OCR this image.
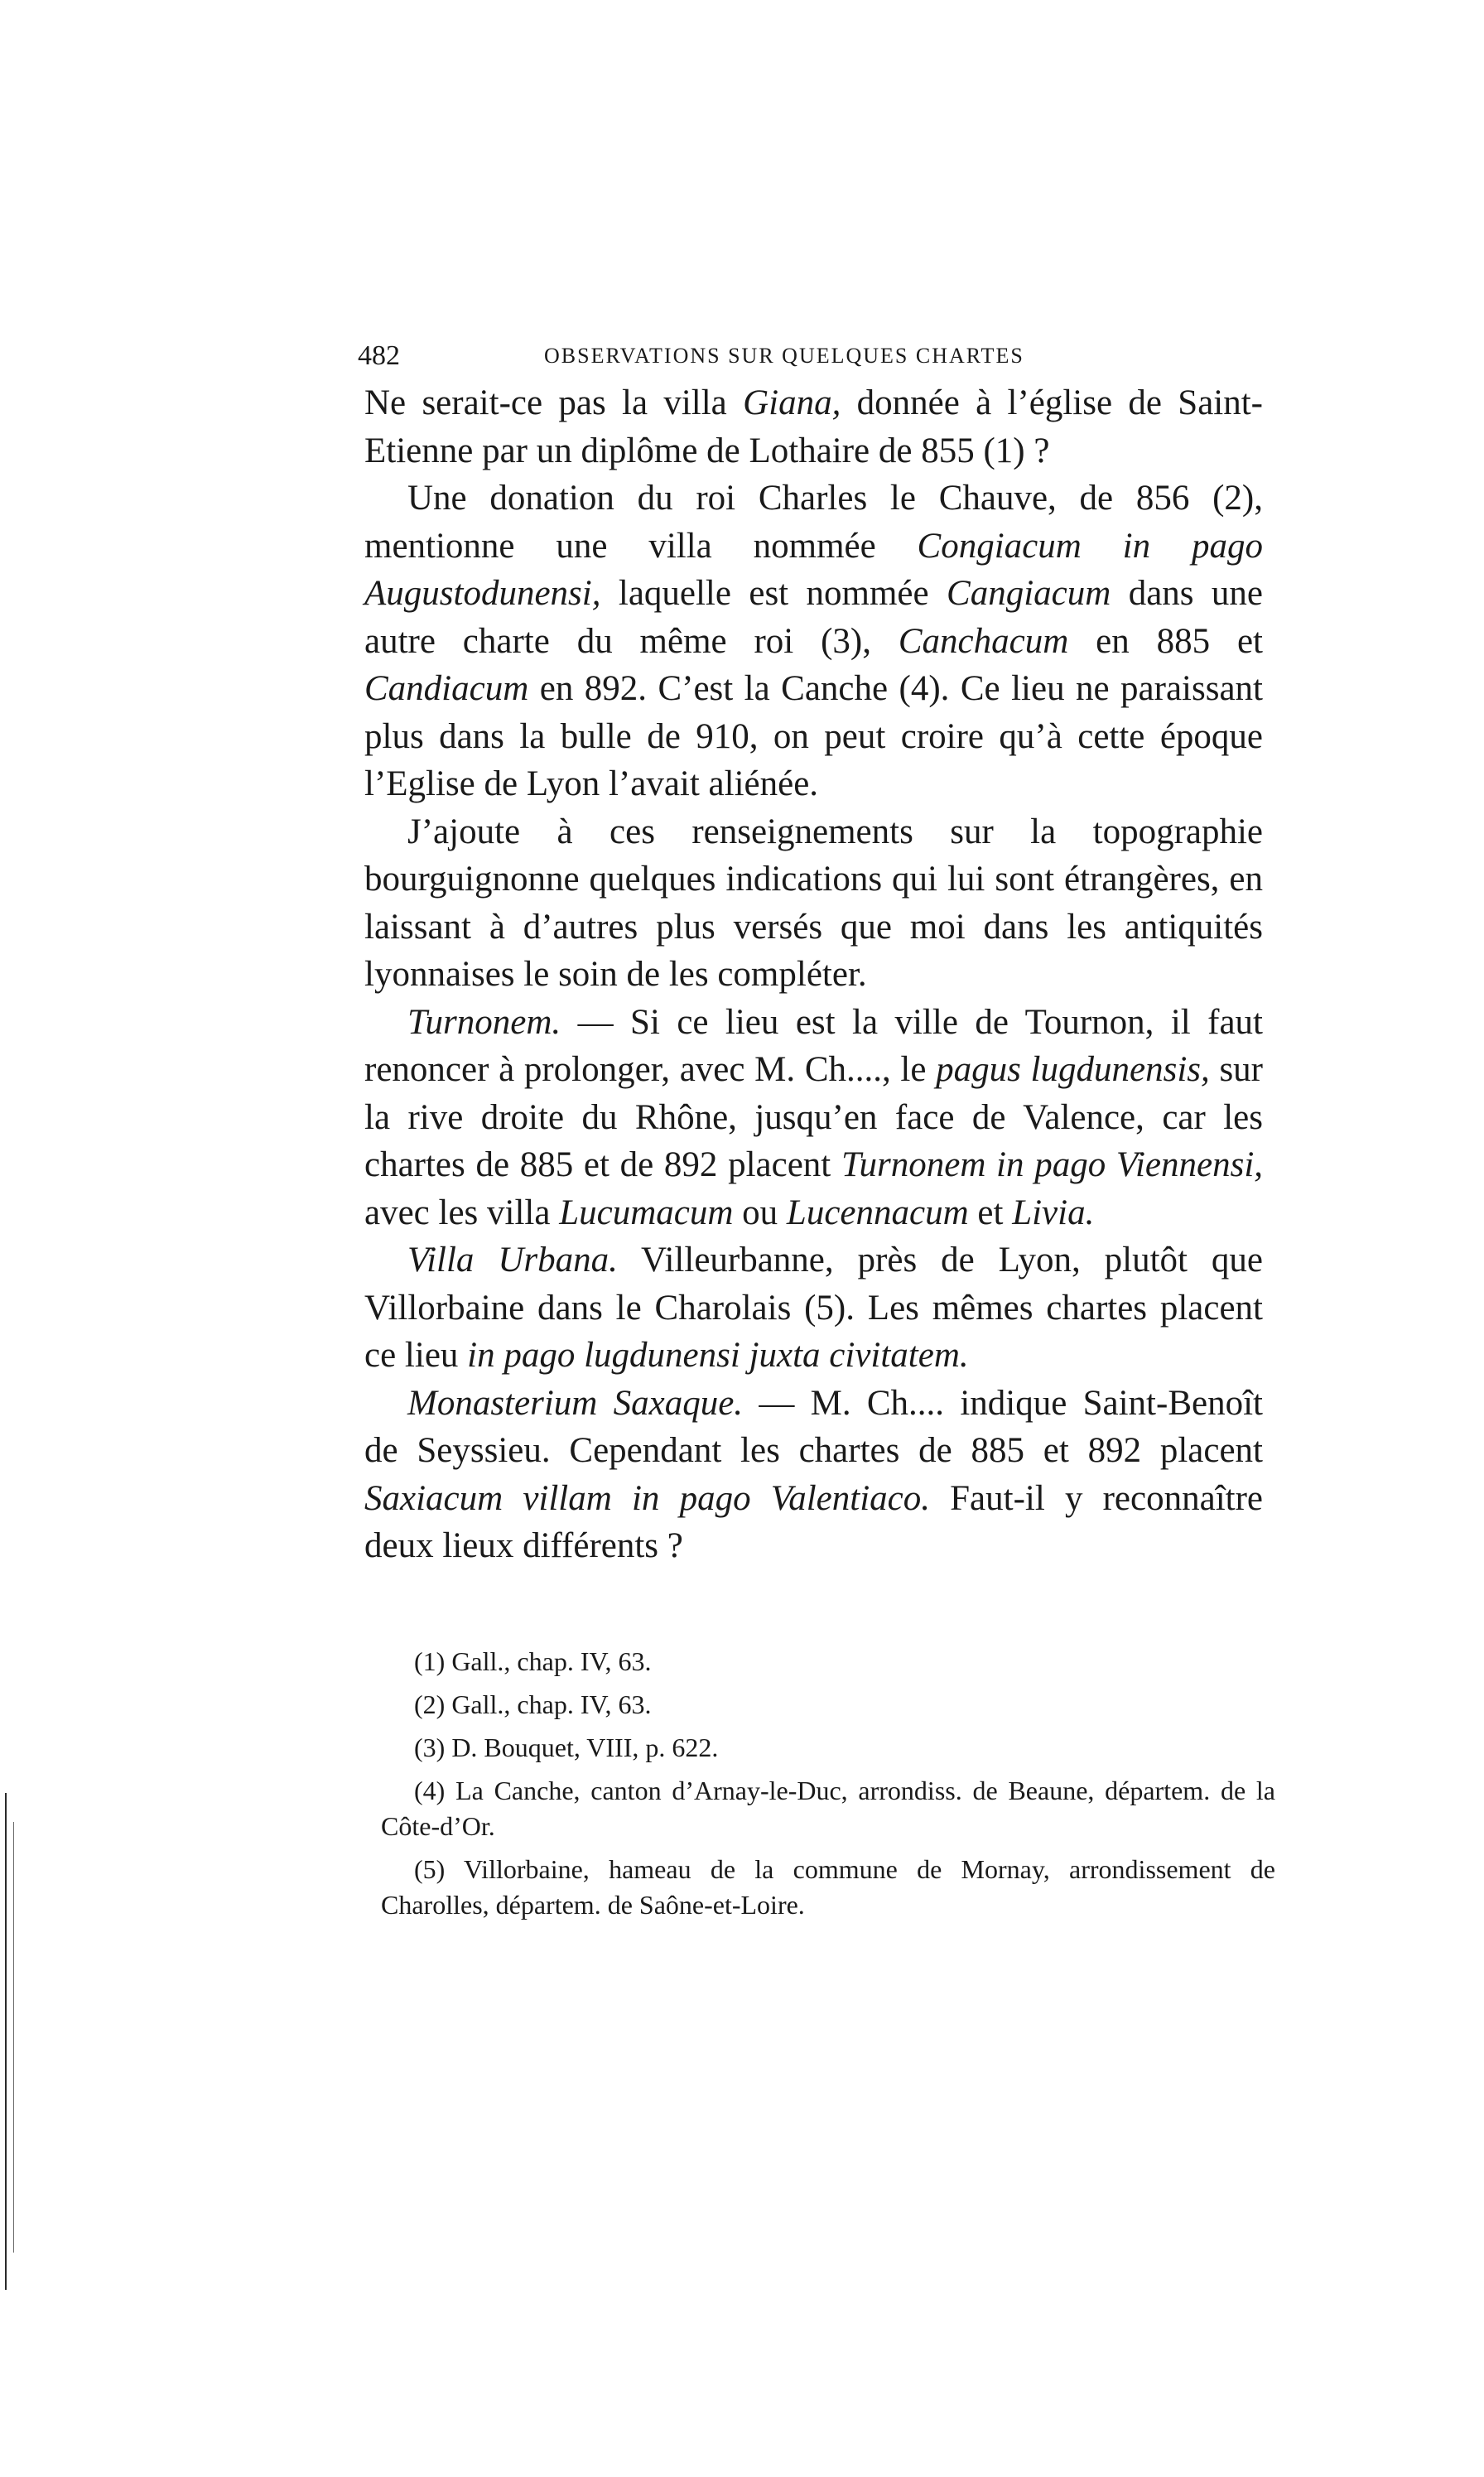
482	OBSERVATIONS SUR QUELQUES CHARTES

Ne serait-ce pas la villa Giana, donnée à l’église de Saint-Etienne par un diplôme de Lothaire de 855 (1) ?

Une donation du roi Charles le Chauve, de 856 (2), mentionne une villa nommée Congiacum in pago Augustodunensi, laquelle est nommée Cangiacum dans une autre charte du même roi (3), Canchacum en 885 et Candiacum en 892. C’est la Canche (4). Ce lieu ne paraissant plus dans la bulle de 910, on peut croire qu’à cette époque l’Eglise de Lyon l’avait aliénée.

J’ajoute à ces renseignements sur la topographie bourguignonne quelques indications qui lui sont étrangères, en laissant à d’autres plus versés que moi dans les antiquités lyonnaises le soin de les compléter.

Turnonem. — Si ce lieu est la ville de Tournon, il faut renoncer à prolonger, avec M. Ch...., le pagus lugdunensis, sur la rive droite du Rhône, jusqu’en face de Valence, car les chartes de 885 et de 892 placent Turnonem in pago Viennensi, avec les villa Lucumacum ou Lucennacum et Livia.

Villa Urbana. Villeurbanne, près de Lyon, plutôt que Villorbaine dans le Charolais (5). Les mêmes chartes placent ce lieu in pago lugdunensi juxta civitatem.

Monasterium Saxaque. — M. Ch.... indique Saint-Benoît de Seyssieu. Cependant les chartes de 885 et 892 placent Saxiacum villam in pago Valentiaco. Faut-il y reconnaître deux lieux différents ?

(1) Gall., chap. IV, 63.

(2) Gall., chap. IV, 63.

(3) D. Bouquet, VIII, p. 622.

(4) La Canche, canton d’Arnay-le-Duc, arrondiss. de Beaune, départem. de la Côte-d’Or.

(5) Villorbaine, hameau de la commune de Mornay, arrondissement de Charolles, départem. de Saône-et-Loire.
